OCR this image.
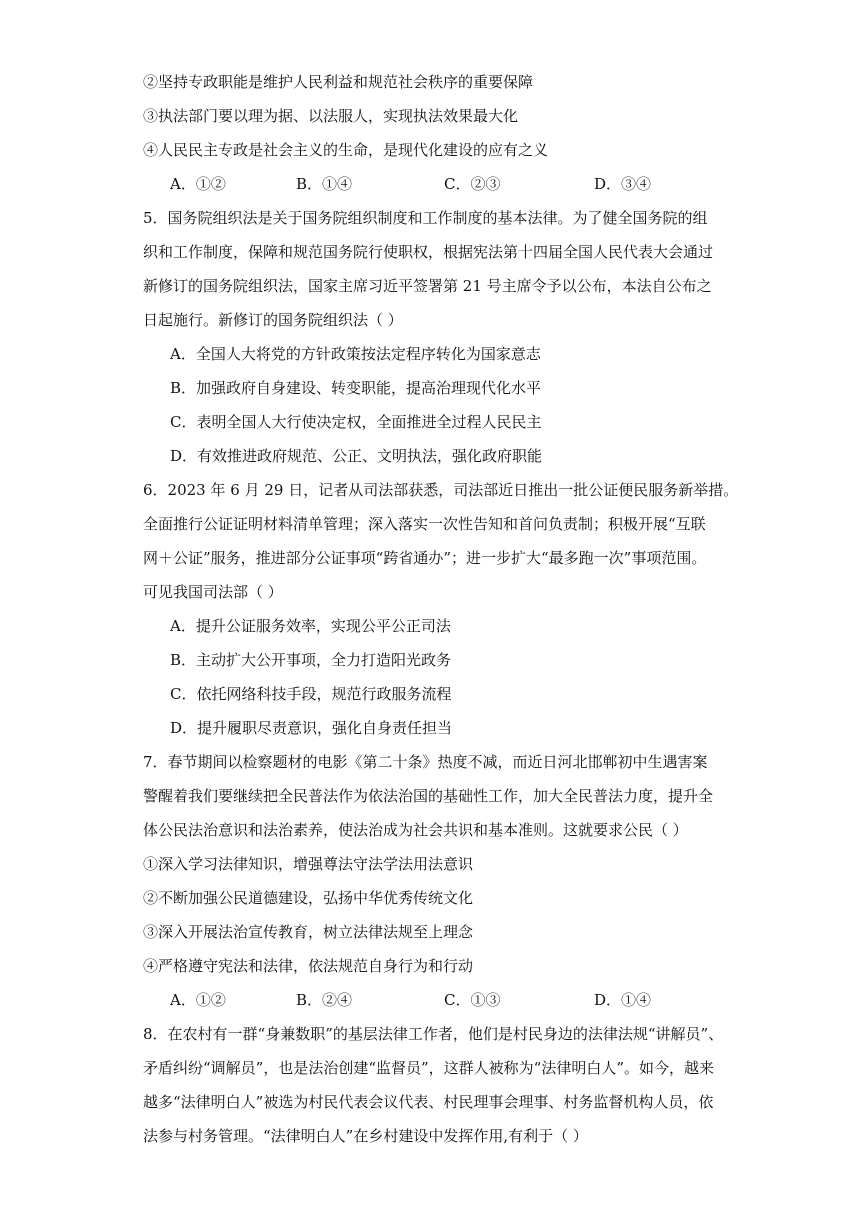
②坚持专政职能是维护人民利益和规范社会秩序的重要保障
③执法部门要以理为据、以法服人，实现执法效果最大化
④人民民主专政是社会主义的生命，是现代化建设的应有之义
A．①②	B．①④	C．②③	D．③④
5．国务院组织法是关于国务院组织制度和工作制度的基本法律。为了健全国务院的组
织和工作制度，保障和规范国务院行使职权，根据宪法第十四届全国人民代表大会通过
新修订的国务院组织法，国家主席习近平签署第 21 号主席令予以公布，本法自公布之
日起施行。新修订的国务院组织法（ ）
A．全国人大将党的方针政策按法定程序转化为国家意志
B．加强政府自身建设、转变职能，提高治理现代化水平
C．表明全国人大行使决定权，全面推进全过程人民民主
D．有效推进政府规范、公正、文明执法，强化政府职能
6．2023 年 6 月 29 日，记者从司法部获悉，司法部近日推出一批公证便民服务新举措。
全面推行公证证明材料清单管理；深入落实一次性告知和首问负责制；积极开展“互联
网＋公证”服务，推进部分公证事项“跨省通办”；进一步扩大“最多跑一次”事项范围。
可见我国司法部（ ）
A．提升公证服务效率，实现公平公正司法
B．主动扩大公开事项，全力打造阳光政务
C．依托网络科技手段，规范行政服务流程
D．提升履职尽责意识，强化自身责任担当
7．春节期间以检察题材的电影《第二十条》热度不减，而近日河北邯郸初中生遇害案
警醒着我们要继续把全民普法作为依法治国的基础性工作，加大全民普法力度，提升全
体公民法治意识和法治素养，使法治成为社会共识和基本准则。这就要求公民（ ）
①深入学习法律知识，增强尊法守法学法用法意识
②不断加强公民道德建设，弘扬中华优秀传统文化
③深入开展法治宣传教育，树立法律法规至上理念
④严格遵守宪法和法律，依法规范自身行为和行动
A．①②	B．②④	C．①③	D．①④
8．在农村有一群“身兼数职”的基层法律工作者，他们是村民身边的法律法规“讲解员”、
矛盾纠纷“调解员”，也是法治创建“监督员”，这群人被称为“法律明白人”。如今，越来
越多“法律明白人”被选为村民代表会议代表、村民理事会理事、村务监督机构人员，依
法参与村务管理。“法律明白人”在乡村建设中发挥作用,有利于（ ）
